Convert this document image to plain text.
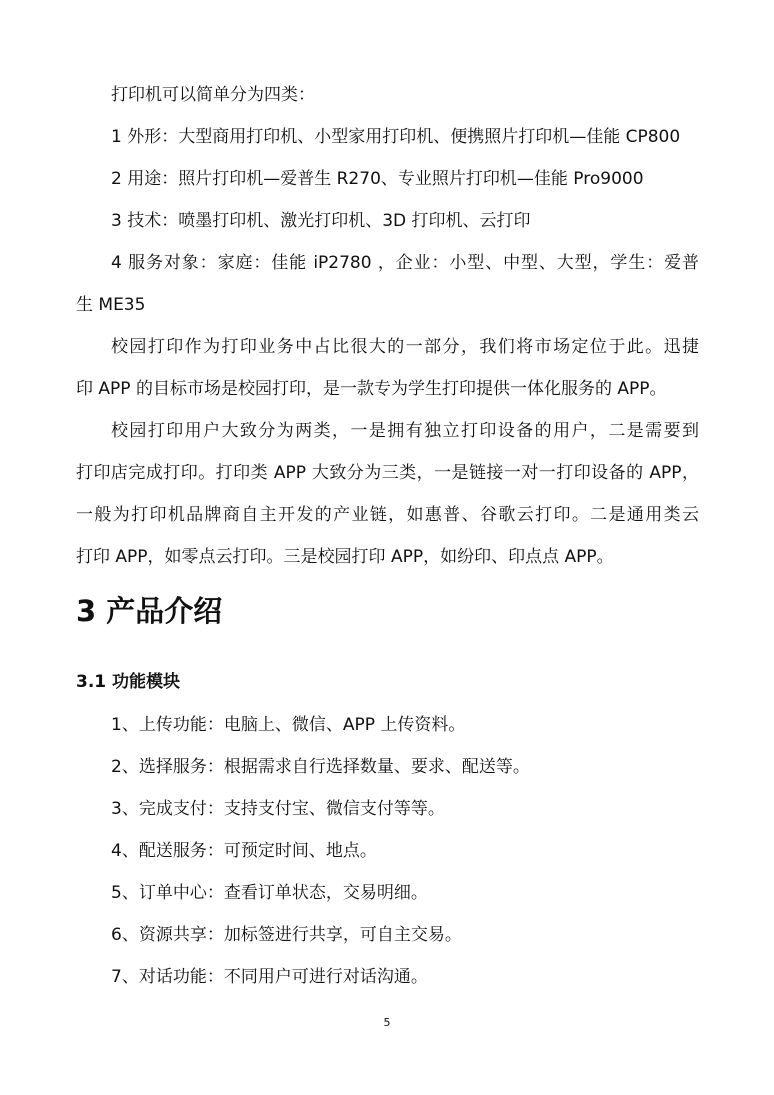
打印机可以简单分为四类：

1 外形：大型商用打印机、小型家用打印机、便携照片打印机—佳能 CP800

2 用途：照片打印机—爱普生 R270、专业照片打印机—佳能 Pro9000

3 技术：喷墨打印机、激光打印机、3D 打印机、云打印

4 服务对象：家庭：佳能 iP2780 ，企业：小型、中型、大型，学生：爱普

生 ME35

校园打印作为打印业务中占比很大的一部分，我们将市场定位于此。迅捷

印 APP 的目标市场是校园打印，是一款专为学生打印提供一体化服务的 APP。

校园打印用户大致分为两类，一是拥有独立打印设备的用户，二是需要到

打印店完成打印。打印类 APP 大致分为三类，一是链接一对一打印设备的 APP，

一般为打印机品牌商自主开发的产业链，如惠普、谷歌云打印。二是通用类云

打印 APP，如零点云打印。三是校园打印 APP，如纷印、印点点 APP。

3 产品介绍
3.1 功能模块

1、上传功能：电脑上、微信、APP 上传资料。

2、选择服务：根据需求自行选择数量、要求、配送等。

3、完成支付：支持支付宝、微信支付等等。

4、配送服务：可预定时间、地点。

5、订单中心：查看订单状态，交易明细。

6、资源共享：加标签进行共享，可自主交易。

7、对话功能：不同用户可进行对话沟通。

5
